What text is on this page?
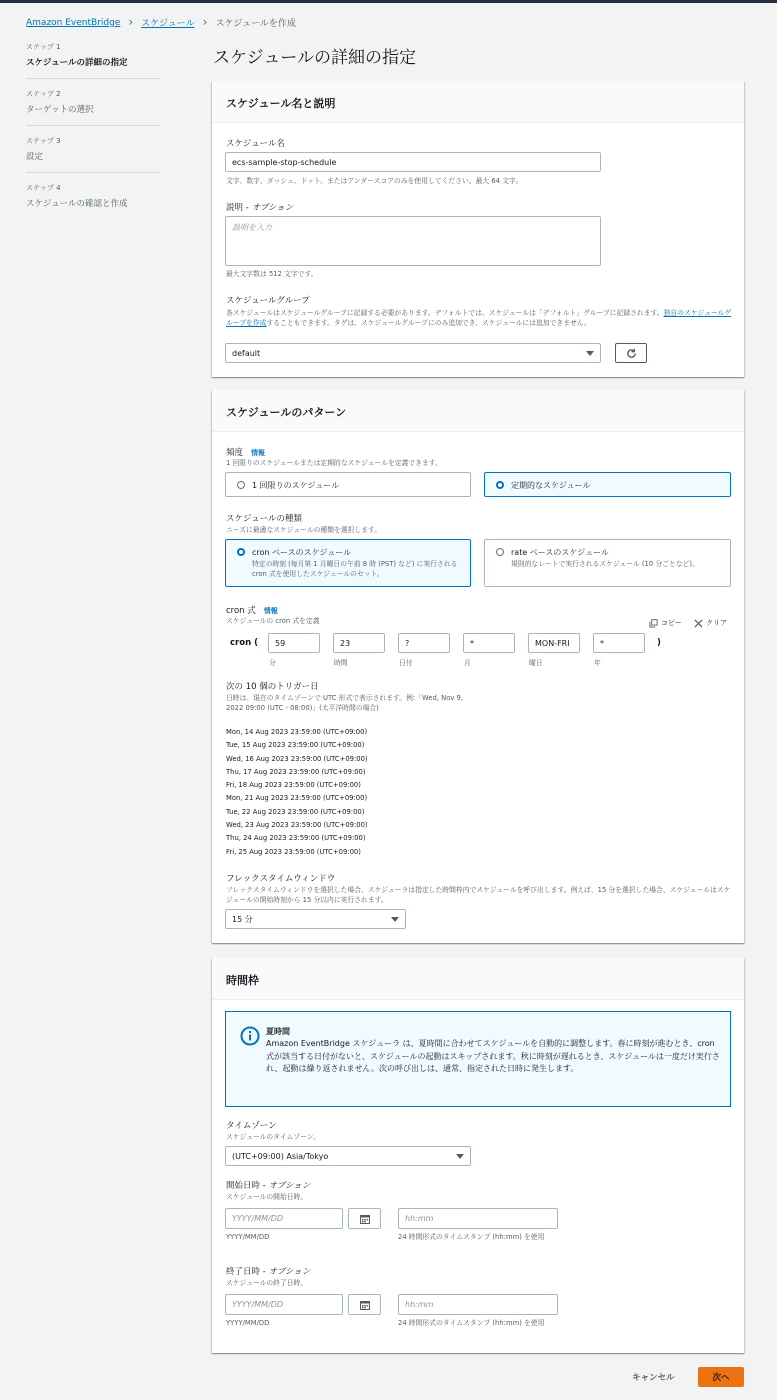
Amazon EventBridge › スケジュール › スケジュールを作成
ステップ 1
スケジュールの詳細の指定
ステップ 2
ターゲットの選択
ステップ 3
設定
ステップ 4
スケジュールの確認と作成
スケジュールの詳細の指定
スケジュール名と説明
スケジュール名
ecs-sample-stop-schedule
文字、数字、ダッシュ、ドット、またはアンダースコアのみを使用してください。最大 64 文字。
説明 - オプション
説明を入力
最大文字数は 512 文字です。
スケジュールグループ
各スケジュールはスケジュールグループに記録する必要があります。デフォルトでは、スケジュールは「デフォルト」グループに記録されます。独自のスケジュールグループを作成することもできます。タグは、スケジュールグループにのみ追加でき、スケジュールには追加できません。
default
スケジュールのパターン
頻度 情報
1 回限りのスケジュールまたは定期的なスケジュールを定義できます。
1 回限りのスケジュール	定期的なスケジュール
スケジュールの種類
ニーズに最適なスケジュールの種類を選択します。
cron ベースのスケジュール
特定の時刻 (毎月第 1 月曜日の午前 8 時 (PST) など) に実行される cron 式を使用したスケジュールのセット。
rate ベースのスケジュール
規則的なレートで実行されるスケジュール (10 分ごとなど)。
cron 式 情報
スケジュールの cron 式を定義	コピー	クリア
cron (	59
分
23
時間
?
日付
*
月
MON-FRI
曜日
*
年
)
次の 10 個のトリガー日
日時は、現在のタイムゾーンで UTC 形式で表示されます。例:「Wed, Nov 9, 2022 09:00 (UTC - 08:00)」(太平洋時間の場合)
Mon, 14 Aug 2023 23:59:00 (UTC+09:00)
Tue, 15 Aug 2023 23:59:00 (UTC+09:00)
Wed, 16 Aug 2023 23:59:00 (UTC+09:00)
Thu, 17 Aug 2023 23:59:00 (UTC+09:00)
Fri, 18 Aug 2023 23:59:00 (UTC+09:00)
Mon, 21 Aug 2023 23:59:00 (UTC+09:00)
Tue, 22 Aug 2023 23:59:00 (UTC+09:00)
Wed, 23 Aug 2023 23:59:00 (UTC+09:00)
Thu, 24 Aug 2023 23:59:00 (UTC+09:00)
Fri, 25 Aug 2023 23:59:00 (UTC+09:00)
フレックスタイムウィンドウ
フレックスタイムウィンドウを選択した場合、スケジューラは指定した時間枠内でスケジュールを呼び出します。例えば、15 分を選択した場合、スケジュールはスケジュールの開始時刻から 15 分以内に実行されます。
15 分
時間枠
夏時間
Amazon EventBridge スケジューラ は、夏時間に合わせてスケジュールを自動的に調整します。春に時刻が進むとき、cron 式が該当する日付がないと、スケジュールの起動はスキップされます。秋に時刻が遅れるとき、スケジュールは一度だけ実行され、起動は繰り返されません。次の呼び出しは、通常、指定された日時に発生します。
タイムゾーン
スケジュールのタイムゾーン。
(UTC+09:00) Asia/Tokyo
開始日時 - オプション
スケジュールの開始日時。
YYYY/MM/DD	hh:mm
YYYY/MM/DD	24 時間形式のタイムスタンプ (hh:mm) を使用
終了日時 - オプション
スケジュールの終了日時。
YYYY/MM/DD	hh:mm
YYYY/MM/DD	24 時間形式のタイムスタンプ (hh:mm) を使用
キャンセル	次へ
